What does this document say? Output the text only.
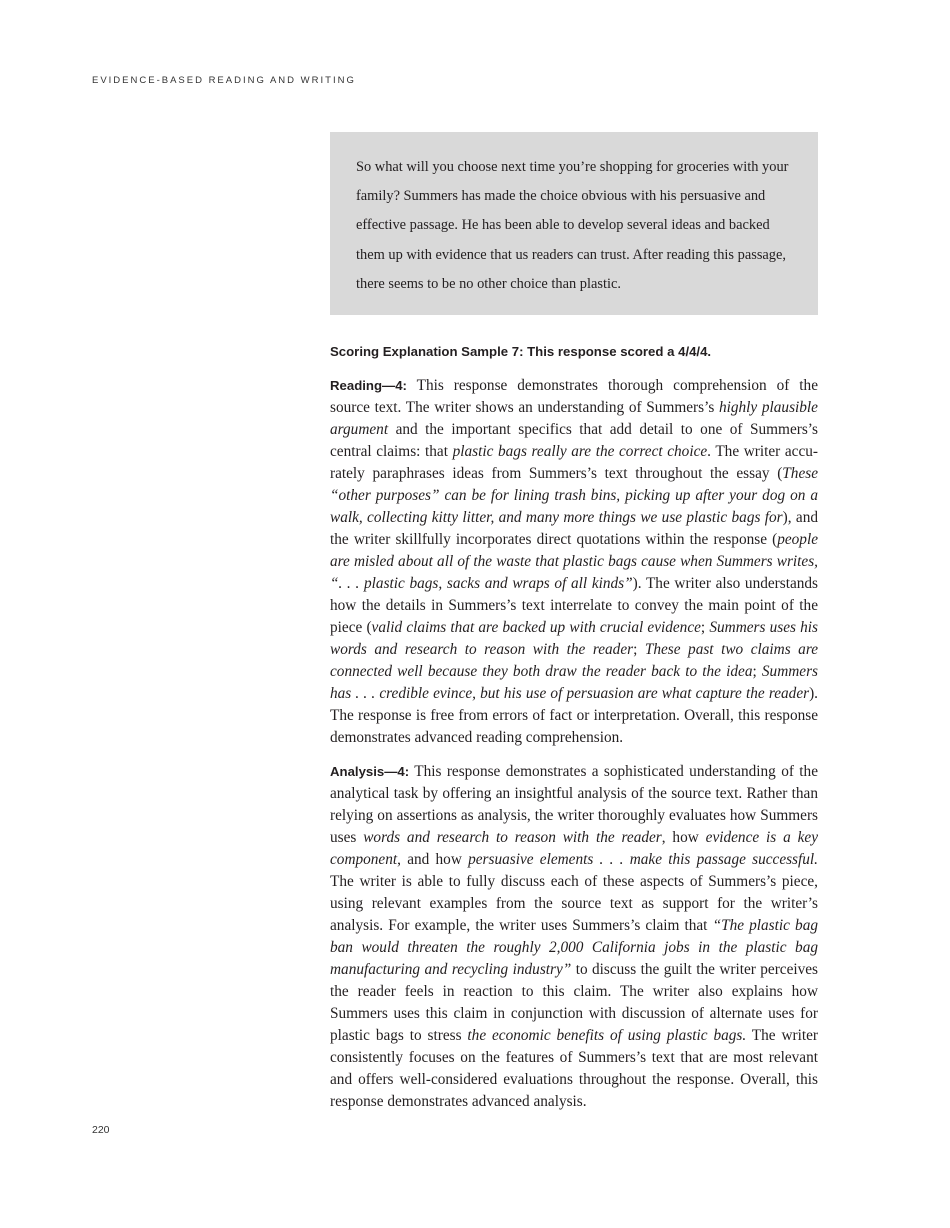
EVIDENCE-BASED READING AND WRITING

So what will you choose next time you’re shopping for groceries with your family? Summers has made the choice obvious with his persuasive and effective passage. He has been able to develop several ideas and backed them up with evidence that us readers can trust. After reading this passage, there seems to be no other choice than plastic.

Scoring Explanation Sample 7: This response scored a 4/4/4.

Reading—4: This response demonstrates thorough comprehension of the source text. The writer shows an understanding of Summers’s highly plausible argument and the important specifics that add detail to one of Summers’s central claims: that plastic bags really are the correct choice. The writer accurately paraphrases ideas from Summers’s text throughout the essay (These “other purposes” can be for lining trash bins, picking up after your dog on a walk, collecting kitty litter, and many more things we use plastic bags for), and the writer skillfully incorporates direct quotations within the response (people are misled about all of the waste that plastic bags cause when Summers writes, “. . . plastic bags, sacks and wraps of all kinds”). The writer also understands how the details in Summers’s text interrelate to convey the main point of the piece (valid claims that are backed up with crucial evidence; Summers uses his words and research to reason with the reader; These past two claims are connected well because they both draw the reader back to the idea; Summers has . . . credible evince, but his use of persuasion are what capture the reader). The response is free from errors of fact or interpretation. Overall, this response demonstrates advanced reading comprehension.

Analysis—4: This response demonstrates a sophisticated understanding of the analytical task by offering an insightful analysis of the source text. Rather than relying on assertions as analysis, the writer thoroughly evaluates how Summers uses words and research to reason with the reader, how evidence is a key component, and how persuasive elements . . . make this passage successful. The writer is able to fully discuss each of these aspects of Summers’s piece, using relevant examples from the source text as support for the writer’s analysis. For example, the writer uses Summers’s claim that “The plastic bag ban would threaten the roughly 2,000 California jobs in the plastic bag manufacturing and recycling industry” to discuss the guilt the writer perceives the reader feels in reaction to this claim. The writer also explains how Summers uses this claim in conjunction with discussion of alternate uses for plastic bags to stress the economic benefits of using plastic bags. The writer consistently focuses on the features of Summers’s text that are most relevant and offers well-considered evaluations throughout the response. Overall, this response demonstrates advanced analysis.

220
